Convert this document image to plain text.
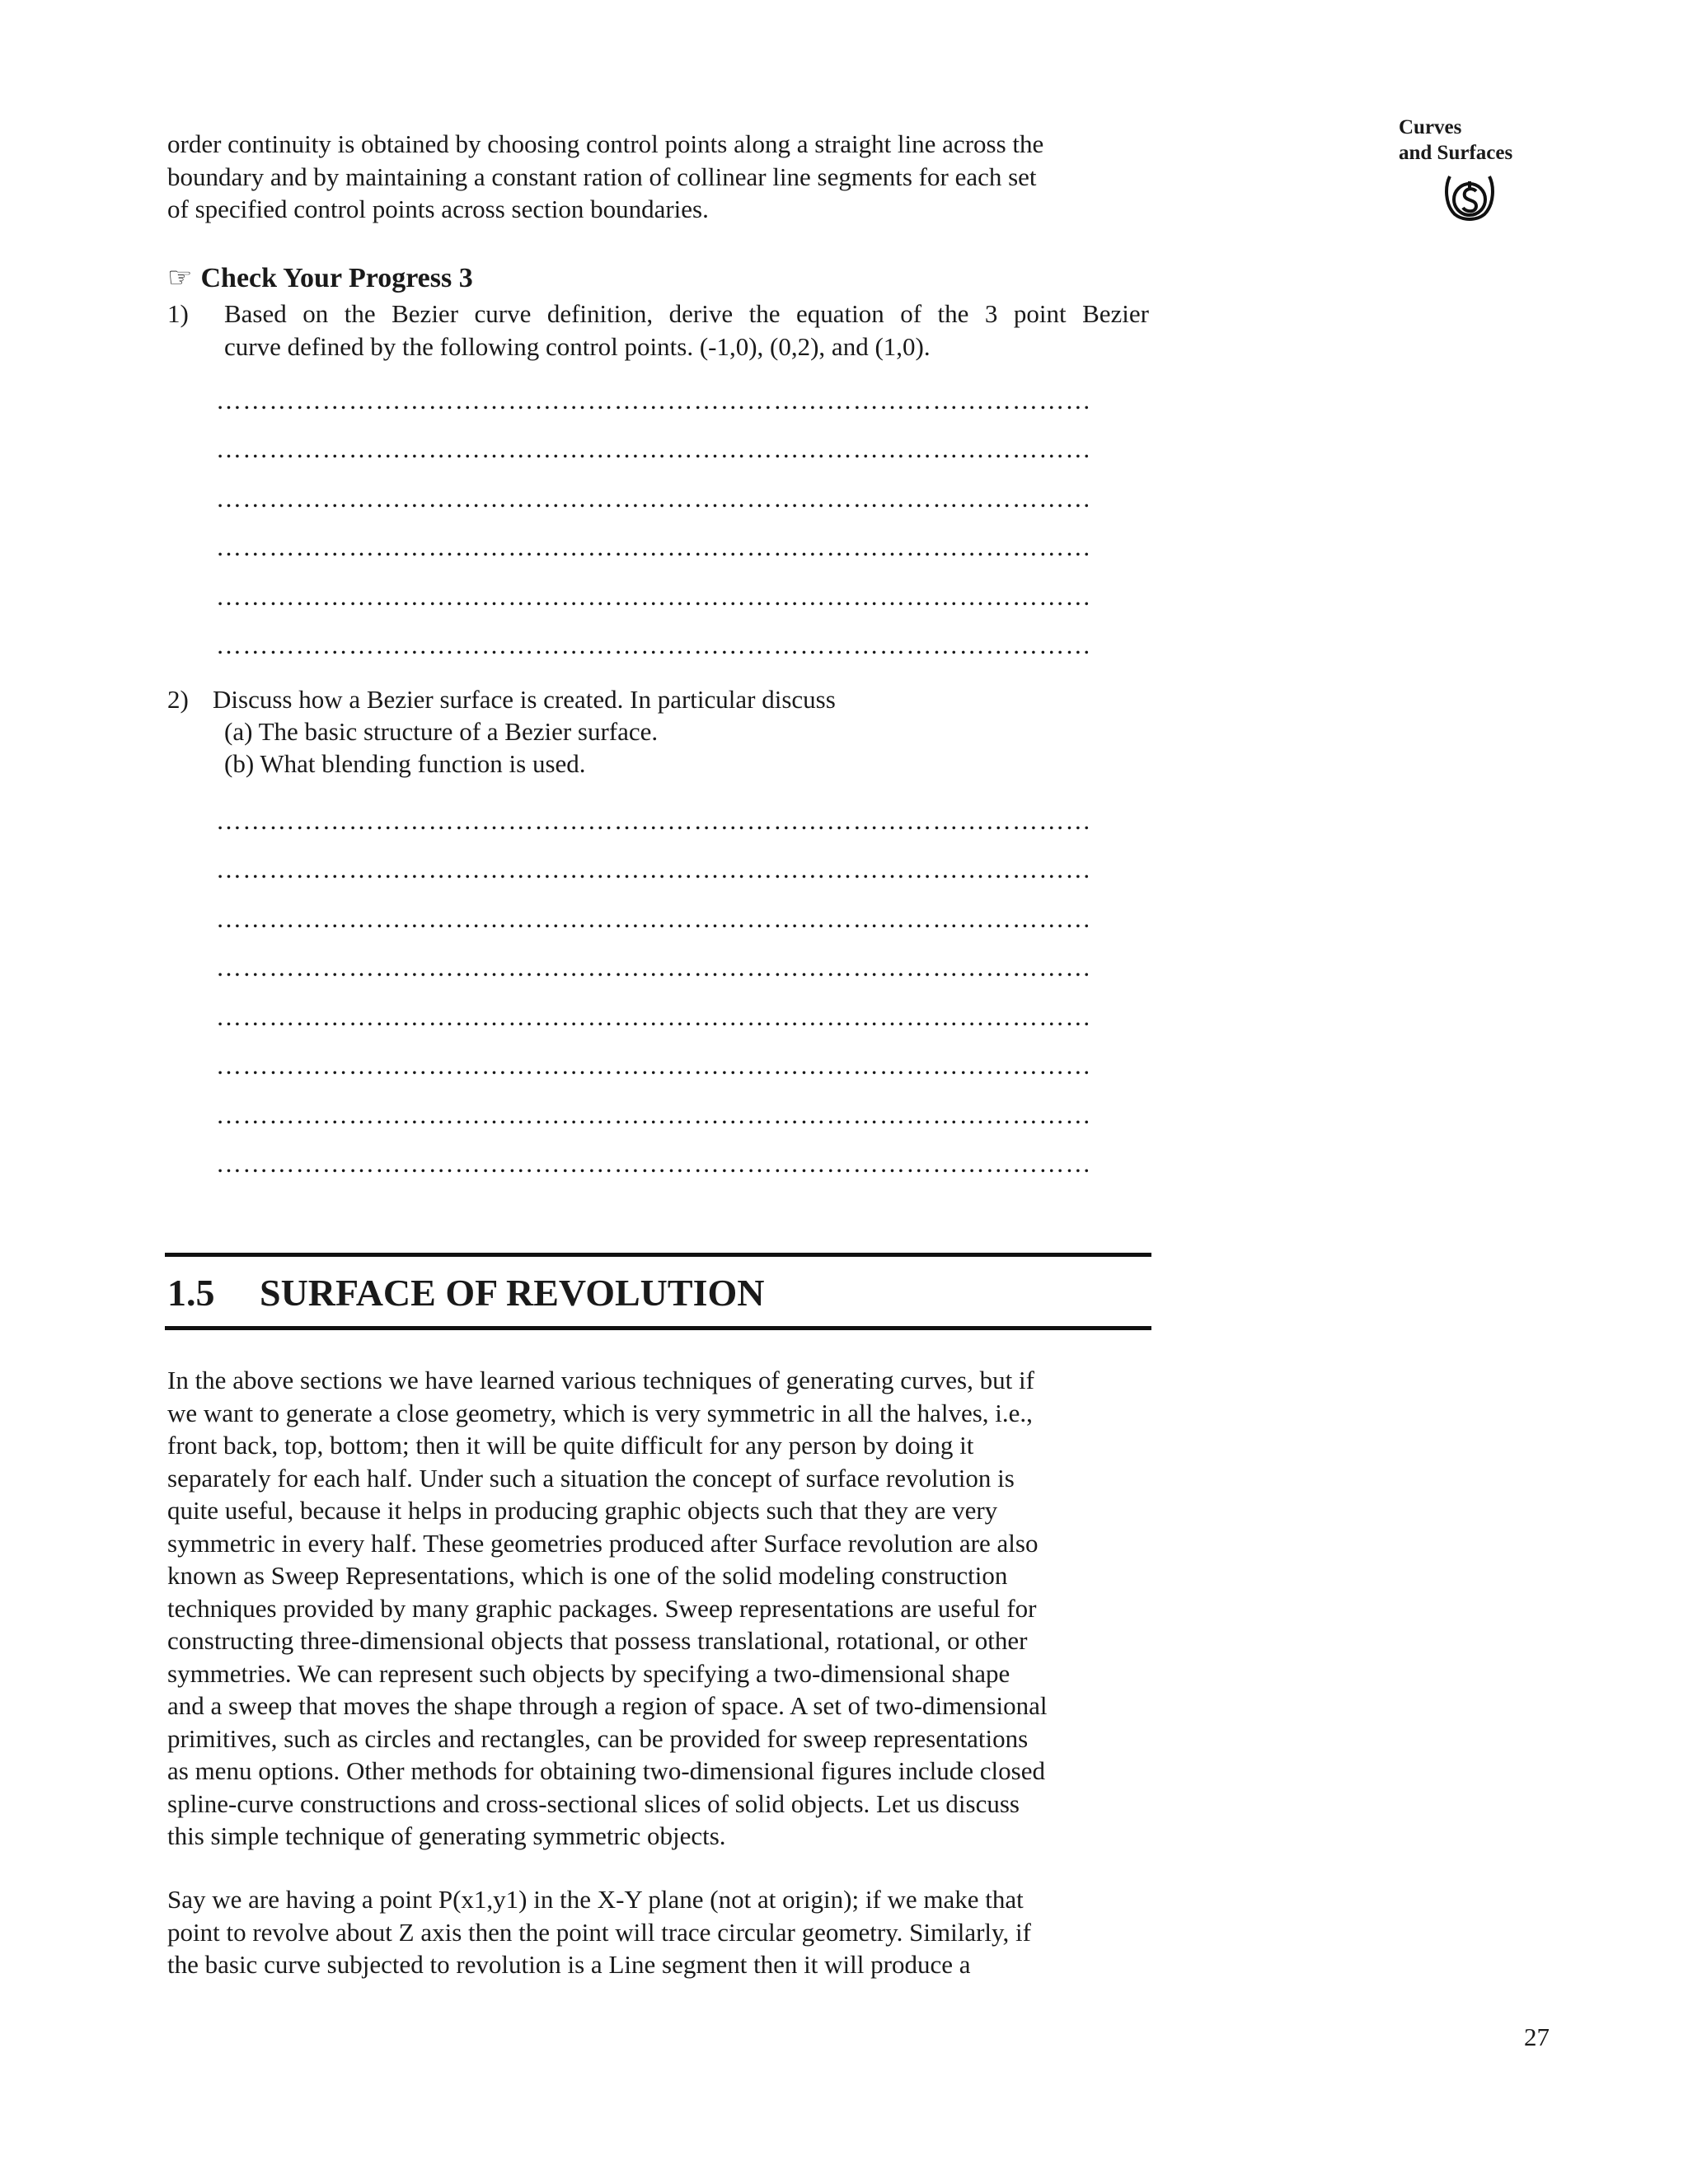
Curves
and Surfaces
order continuity is obtained by choosing control points along a straight line across the
boundary and by maintaining a constant ration of collinear line segments for each set
of specified control points across section boundaries.
☞ Check Your Progress 3
1) Based on the Bezier curve definition, derive the equation of the 3 point Bezier
curve defined by the following control points. (-1,0), (0,2), and (1,0).
………………………………………………………………………………………
………………………………………………………………………………………
………………………………………………………………………………………
………………………………………………………………………………………
………………………………………………………………………………………
………………………………………………………………………………………
2) Discuss how a Bezier surface is created. In particular discuss
(a) The basic structure of a Bezier surface.
(b) What blending function is used.
………………………………………………………………………………………
………………………………………………………………………………………
………………………………………………………………………………………
………………………………………………………………………………………
………………………………………………………………………………………
………………………………………………………………………………………
………………………………………………………………………………………
………………………………………………………………………………………
1.5 SURFACE OF REVOLUTION
In the above sections we have learned various techniques of generating curves, but if
we want to generate a close geometry, which is very symmetric in all the halves, i.e.,
front back, top, bottom; then it will be quite difficult for any person by doing it
separately for each half. Under such a situation the concept of surface revolution is
quite useful, because it helps in producing graphic objects such that they are very
symmetric in every half. These geometries produced after Surface revolution are also
known as Sweep Representations, which is one of the solid modeling construction
techniques provided by many graphic packages. Sweep representations are useful for
constructing three-dimensional objects that possess translational, rotational, or other
symmetries. We can represent such objects by specifying a two-dimensional shape
and a sweep that moves the shape through a region of space. A set of two-dimensional
primitives, such as circles and rectangles, can be provided for sweep representations
as menu options. Other methods for obtaining two-dimensional figures include closed
spline-curve constructions and cross-sectional slices of solid objects. Let us discuss
this simple technique of generating symmetric objects.
Say we are having a point P(x1,y1) in the X-Y plane (not at origin); if we make that
point to revolve about Z axis then the point will trace circular geometry. Similarly, if
the basic curve subjected to revolution is a Line segment then it will produce a
27
